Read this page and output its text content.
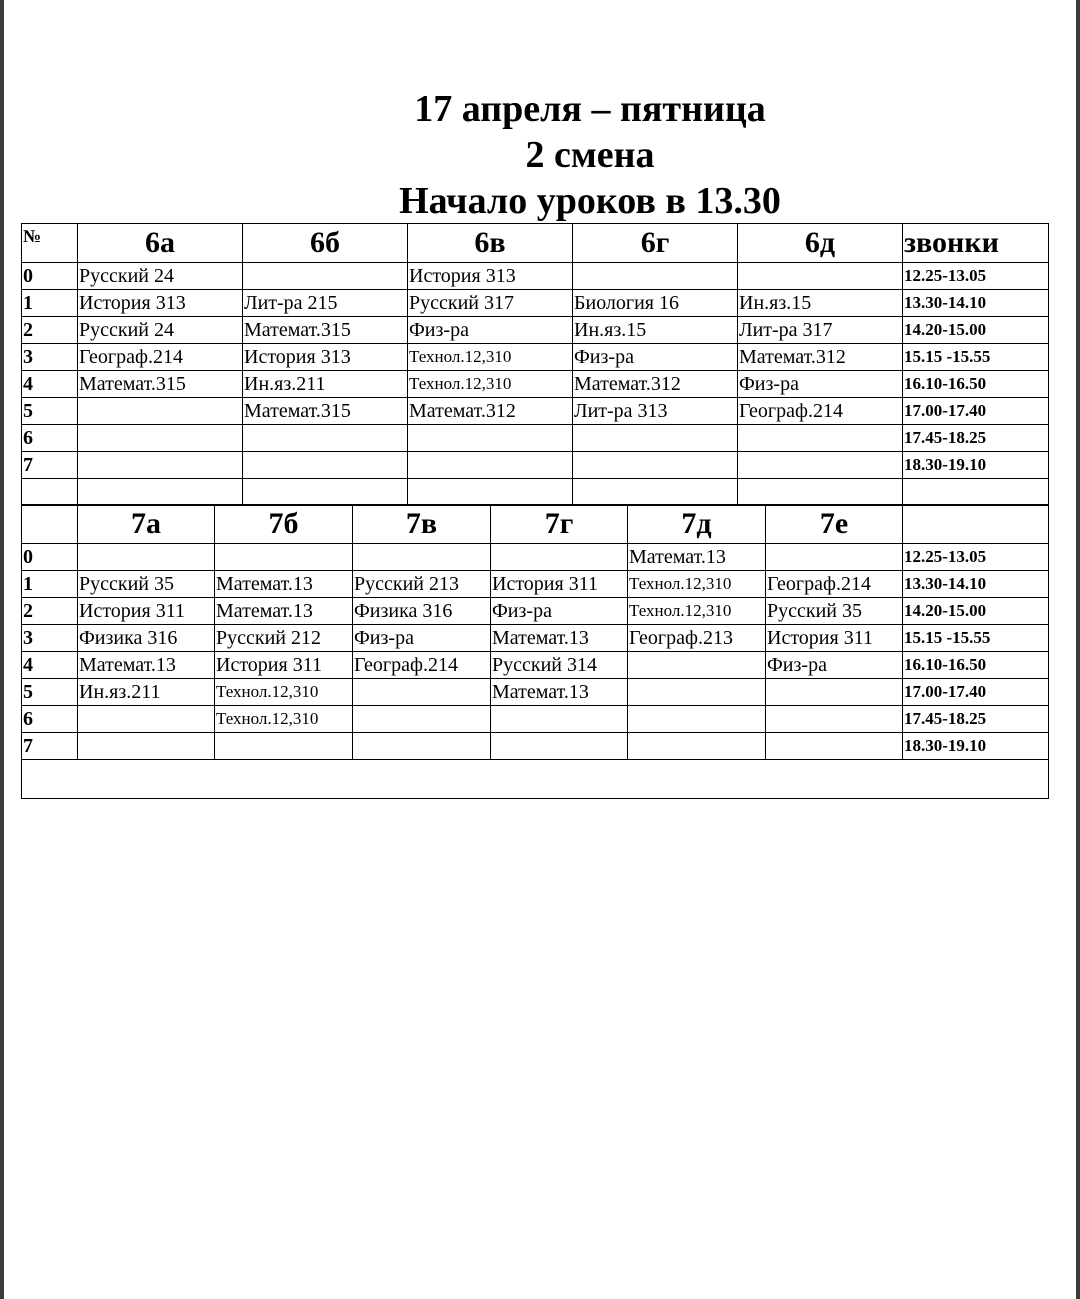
17 апреля – пятница
2 смена
Начало уроков в 13.30
№	6а	6б	6в	6г	6д	звонки
0	Русский 24		История 313			12.25-13.05
1	История 313	Лит-ра 215	Русский 317	Биология 16	Ин.яз.15	13.30-14.10
2	Русский 24	Математ.315	Физ-ра	Ин.яз.15	Лит-ра 317	14.20-15.00
3	Географ.214	История 313	Технол.12,310	Физ-ра	Математ.312	15.15 -15.55
4	Математ.315	Ин.яз.211	Технол.12,310	Математ.312	Физ-ра	16.10-16.50
5		Математ.315	Математ.312	Лит-ра 313	Географ.214	17.00-17.40
6						17.45-18.25
7						18.30-19.10

	7а	7б	7в	7г	7д	7е	
0					Математ.13		12.25-13.05
1	Русский 35	Математ.13	Русский 213	История 311	Технол.12,310	Географ.214	13.30-14.10
2	История 311	Математ.13	Физика 316	Физ-ра	Технол.12,310	Русский 35	14.20-15.00
3	Физика 316	Русский 212	Физ-ра	Математ.13	Географ.213	История 311	15.15 -15.55
4	Математ.13	История 311	Географ.214	Русский 314		Физ-ра	16.10-16.50
5	Ин.яз.211	Технол.12,310		Математ.13			17.00-17.40
6		Технол.12,310					17.45-18.25
7							18.30-19.10
